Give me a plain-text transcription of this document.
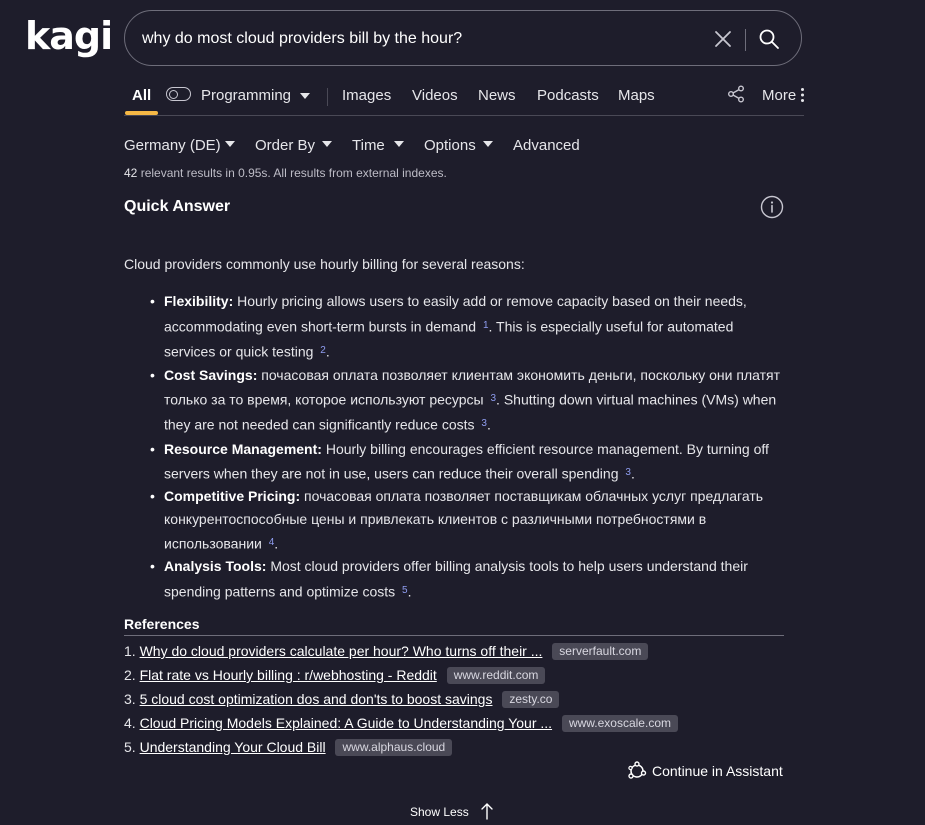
kagi why do most cloud providers bill by the hour?
All	Programming	Images Videos News Podcasts Maps	More
Germany (DE) Order By Time	Options Advanced
42 relevant results in 0.95s. All results from external indexes.
Quick Answer
Cloud providers commonly use hourly billing for several reasons:
• Flexibility: Hourly pricing allows users to easily add or remove capacity based on their needs, accommodating even short-term bursts in demand $^1$. This is especially useful for automated services or quick testing $^2$.
• Cost Savings: почасовая оплата позволяет клиентам экономить деньги, поскольку они платят только за то время, которое используют ресурсы $^3$. Shutting down virtual machines (VMs) when they are not needed can significantly reduce costs $^3$.
• Resource Management: Hourly billing encourages efficient resource management. By turning off servers when they are not in use, users can reduce their overall spending $^3$.
• Competitive Pricing: почасовая оплата позволяет поставщикам облачных услуг предлагать конкурентоспособные цены и привлекать клиентов с различными потребностями в использовании $^4$.
• Analysis Tools: Most cloud providers offer billing analysis tools to help users understand their spending patterns and optimize costs $^5$.
References
1. Why do cloud providers calculate per hour? Who turns off their ... serverfault.com
2. Flat rate vs Hourly billing : r/webhosting - Reddit www.reddit.com
3. 5 cloud cost optimization dos and don'ts to boost savings zesty.co
4. Cloud Pricing Models Explained: A Guide to Understanding Your ... www.exoscale.com
5. Understanding Your Cloud Bill www.alphaus.cloud
Continue in Assistant
Show Less
